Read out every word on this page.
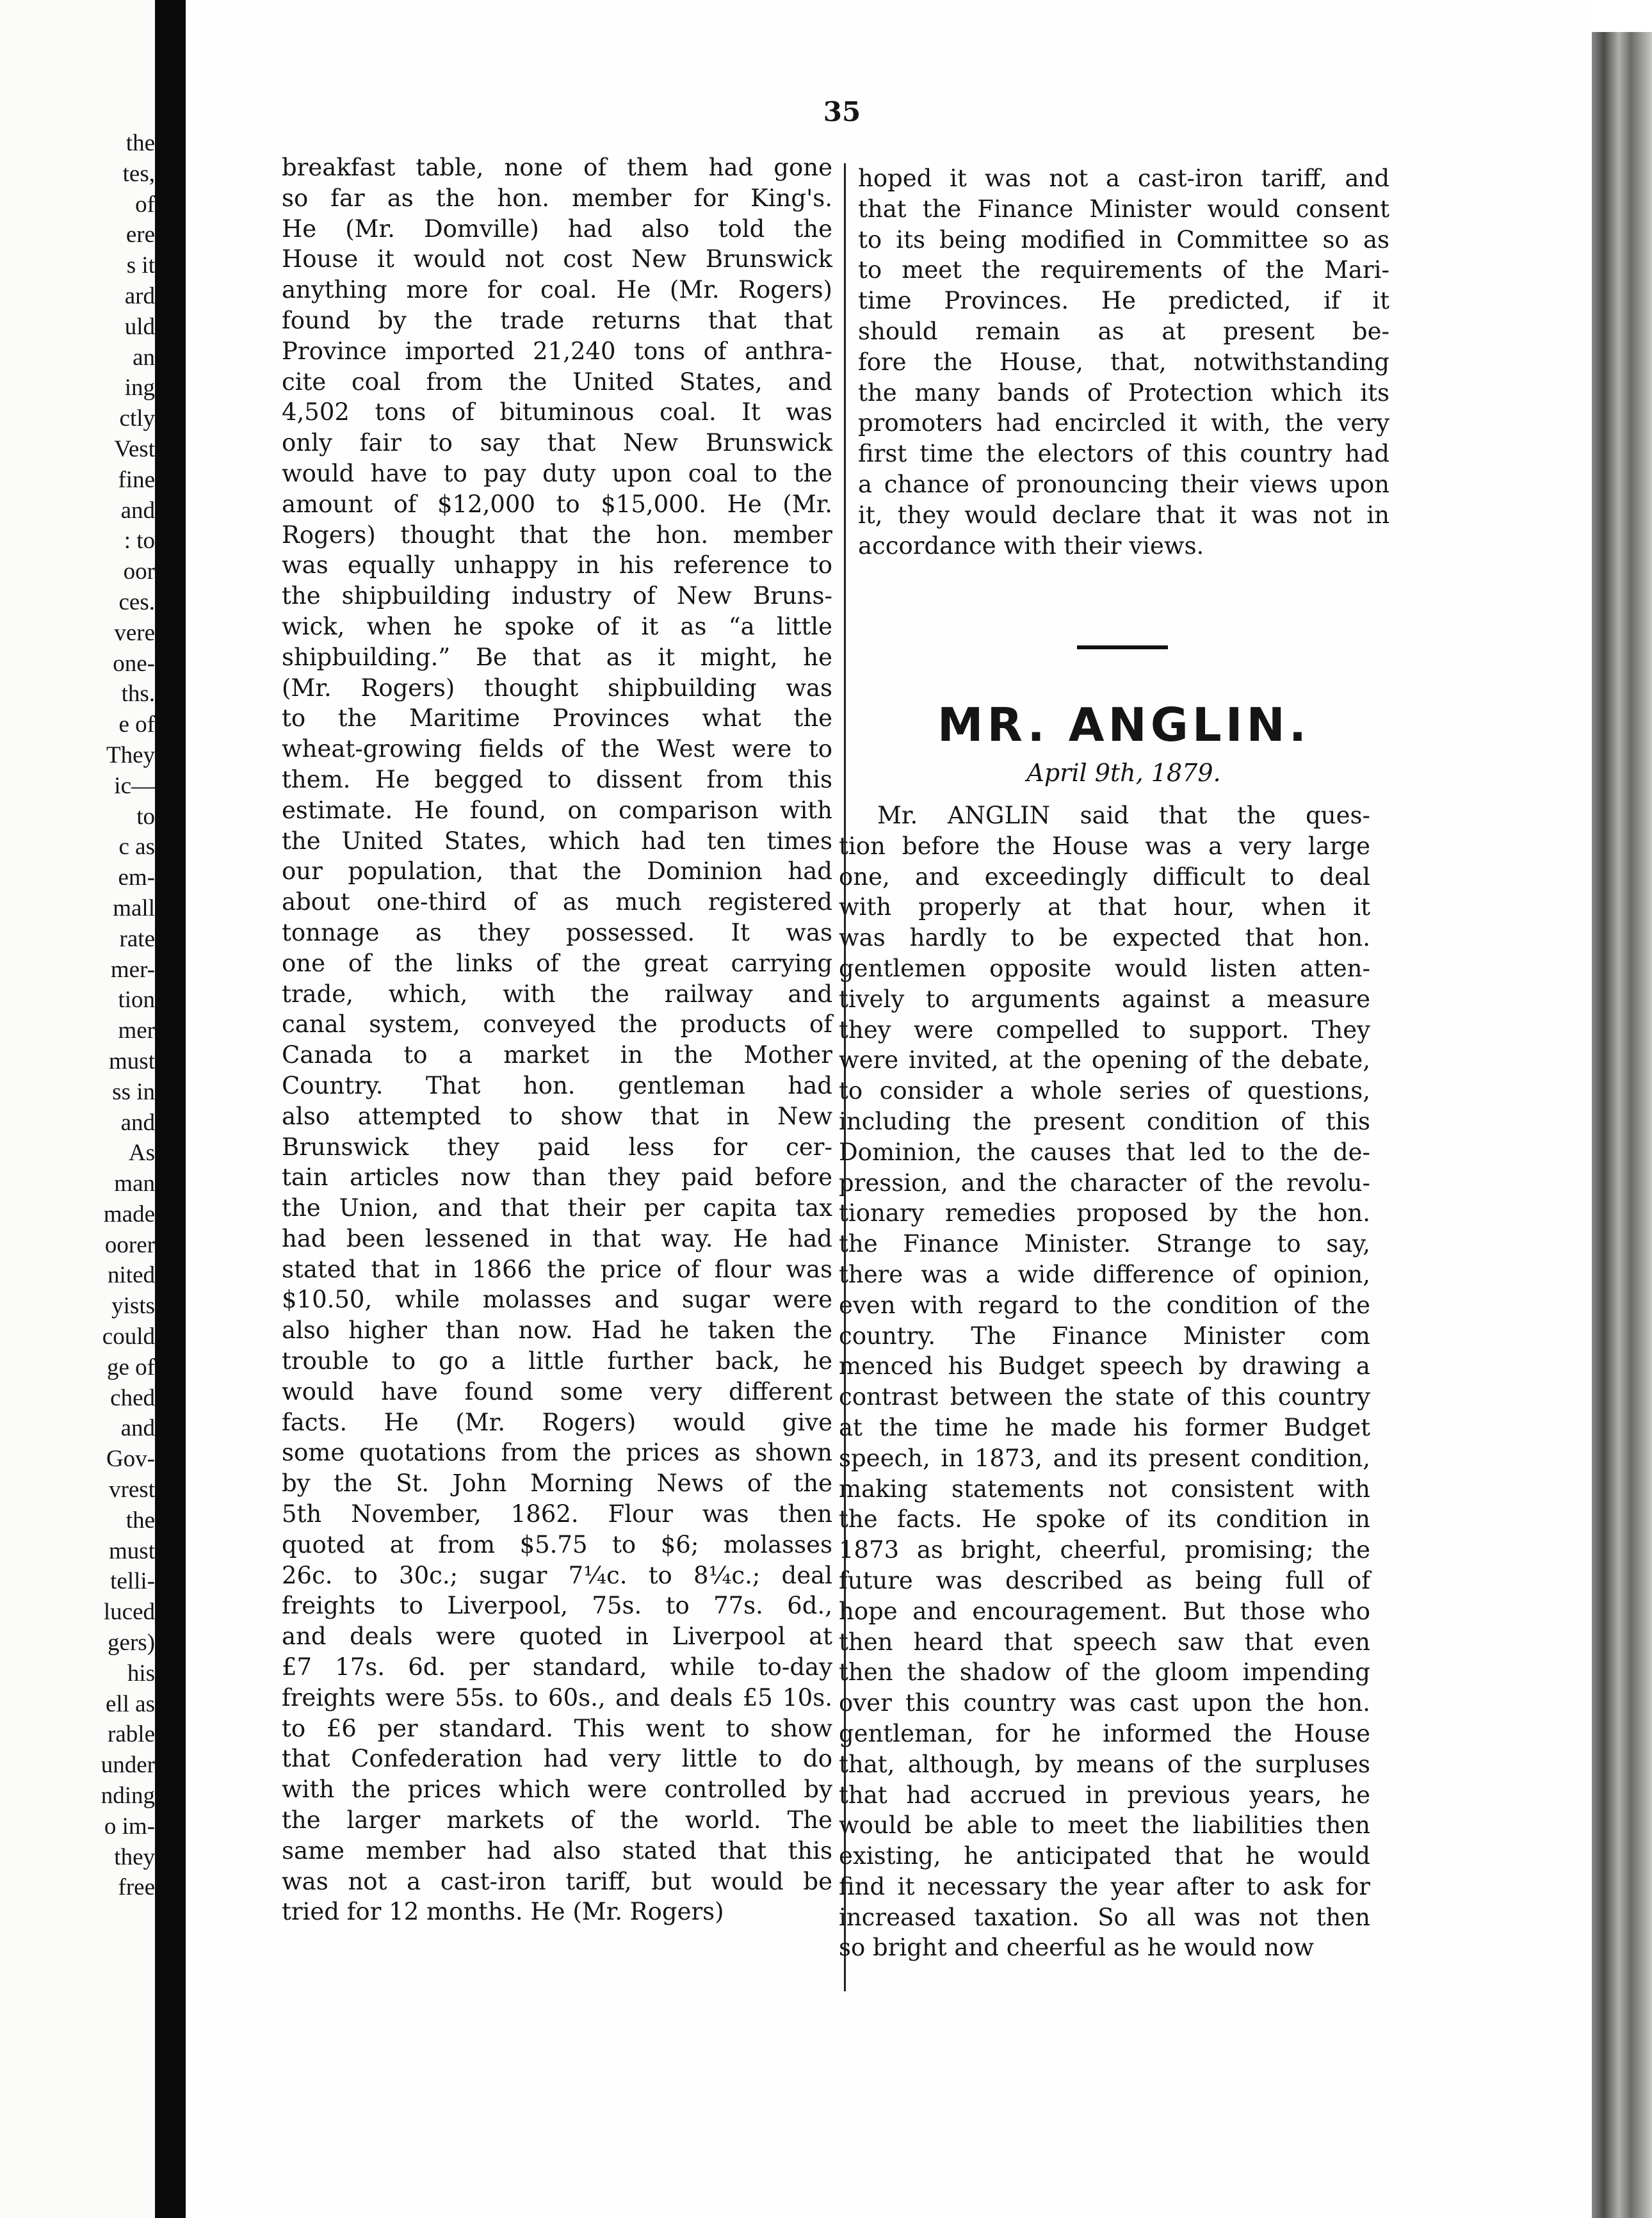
the
tes,
of
ere
s it
ard
uld
an
ing
ctly
Vest
fine
and
: to
oor
ces.
vere
one-
ths.
e of
They
ic—
to
c as
em-
mall
rate
mer-
tion
mer
must
ss in
and
As
man
made
oorer
nited
yists
could
ge of
ched
and
Gov-
vrest
the
must
telli-
luced
gers)
his
ell as
rable
under
nding
o im-
they
free
35
breakfast table, none of them had gone
so far as the hon. member for King's.
He (Mr. Domville) had also told the
House it would not cost New Brunswick
anything more for coal. He (Mr. Rogers)
found by the trade returns that that
Province imported 21,240 tons of anthra-
cite coal from the United States, and
4,502 tons of bituminous coal. It was
only fair to say that New Brunswick
would have to pay duty upon coal to the
amount of $12,000 to $15,000. He (Mr.
Rogers) thought that the hon. member
was equally unhappy in his reference to
the shipbuilding industry of New Bruns-
wick, when he spoke of it as “a little
shipbuilding.” Be that as it might, he
(Mr. Rogers) thought shipbuilding was
to the Maritime Provinces what the
wheat-growing fields of the West were to
them. He begged to dissent from this
estimate. He found, on comparison with
the United States, which had ten times
our population, that the Dominion had
about one-third of as much registered
tonnage as they possessed. It was
one of the links of the great carrying
trade, which, with the railway and
canal system, conveyed the products of
Canada to a market in the Mother
Country. That hon. gentleman had
also attempted to show that in New
Brunswick they paid less for cer-
tain articles now than they paid before
the Union, and that their per capita tax
had been lessened in that way. He had
stated that in 1866 the price of flour was
$10.50, while molasses and sugar were
also higher than now. Had he taken the
trouble to go a little further back, he
would have found some very different
facts. He (Mr. Rogers) would give
some quotations from the prices as shown
by the St. John Morning News of the
5th November, 1862. Flour was then
quoted at from $5.75 to $6; molasses
26c. to 30c.; sugar 7¼c. to 8¼c.; deal
freights to Liverpool, 75s. to 77s. 6d.,
and deals were quoted in Liverpool at
£7 17s. 6d. per standard, while to-day
freights were 55s. to 60s., and deals £5 10s.
to £6 per standard. This went to show
that Confederation had very little to do
with the prices which were controlled by
the larger markets of the world. The
same member had also stated that this
was not a cast-iron tariff, but would be
tried for 12 months. He (Mr. Rogers)
hoped it was not a cast-iron tariff, and
that the Finance Minister would consent
to its being modified in Committee so as
to meet the requirements of the Mari-
time Provinces. He predicted, if it
should remain as at present be-
fore the House, that, notwithstanding
the many bands of Protection which its
promoters had encircled it with, the very
first time the electors of this country had
a chance of pronouncing their views upon
it, they would declare that it was not in
accordance with their views.
MR. ANGLIN.
April 9th, 1879.
Mr. ANGLIN said that the ques-
tion before the House was a very large
one, and exceedingly difficult to deal
with properly at that hour, when it
was hardly to be expected that hon.
gentlemen opposite would listen atten-
tively to arguments against a measure
they were compelled to support. They
were invited, at the opening of the debate,
to consider a whole series of questions,
including the present condition of this
Dominion, the causes that led to the de-
pression, and the character of the revolu-
tionary remedies proposed by the hon.
the Finance Minister. Strange to say,
there was a wide difference of opinion,
even with regard to the condition of the
country. The Finance Minister com
menced his Budget speech by drawing a
contrast between the state of this country
at the time he made his former Budget
speech, in 1873, and its present condition,
making statements not consistent with
the facts. He spoke of its condition in
1873 as bright, cheerful, promising; the
future was described as being full of
hope and encouragement. But those who
then heard that speech saw that even
then the shadow of the gloom impending
over this country was cast upon the hon.
gentleman, for he informed the House
that, although, by means of the surpluses
that had accrued in previous years, he
would be able to meet the liabilities then
existing, he anticipated that he would
find it necessary the year after to ask for
increased taxation. So all was not then
so bright and cheerful as he would now
